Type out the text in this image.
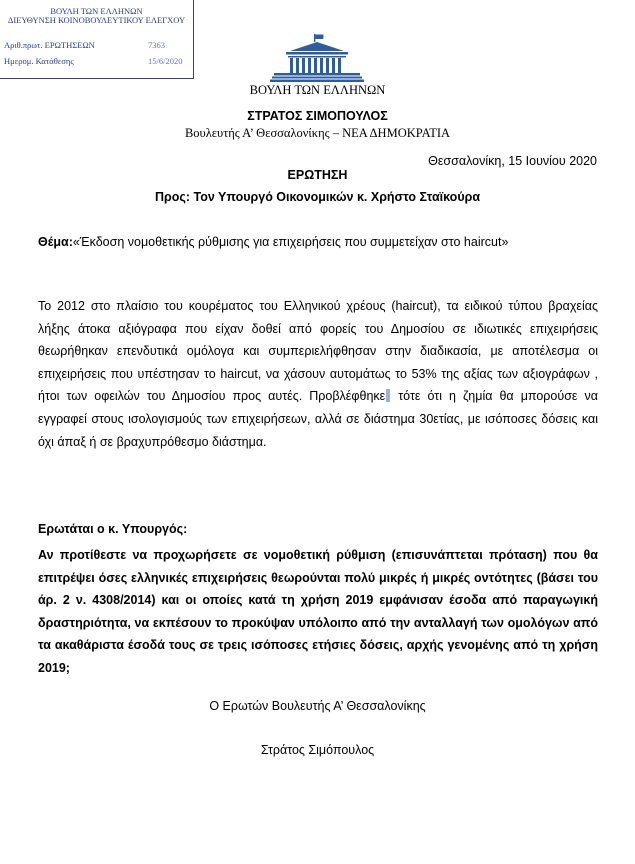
ΒΟΥΛΗ ΤΩΝ ΕΛΛΗΝΩΝ
ΔΙΕΥΘΥΝΣΗ ΚΟΙΝΟΒΟΥΛΕΥΤΙΚΟΥ ΕΛΕΓΧΟΥ
Αριθ.πρωτ. ΕΡΩΤΗΣΕΩΝ	7363
Ημερομ. Κατάθεσης	15/6/2020
ΒΟΥΛΗ ΤΩΝ ΕΛΛΗΝΩΝ
ΣΤΡΑΤΟΣ ΣΙΜΟΠΟΥΛΟΣ
Βουλευτής Α’ Θεσσαλονίκης – ΝΕΑ ΔΗΜΟΚΡΑΤΙΑ
Θεσσαλονίκη, 15 Ιουνίου 2020
ΕΡΩΤΗΣΗ
Προς: Τον Υπουργό Οικονομικών κ. Χρήστο Σταϊκούρα
Θέμα:«Έκδοση νομοθετικής ρύθμισης για επιχειρήσεις που συμμετείχαν στο haircut»
Το 2012 στο πλαίσιο του κουρέματος του Ελληνικού χρέους (haircut), τα ειδικού τύπου βραχείας λήξης άτοκα αξιόγραφα που είχαν δοθεί από φορείς του Δημοσίου σε ιδιωτικές επιχειρήσεις θεωρήθηκαν επενδυτικά ομόλογα και συμπεριελήφθησαν στην διαδικασία, με αποτέλεσμα οι επιχειρήσεις που υπέστησαν το haircut, να χάσουν αυτομάτως το 53% της αξίας των αξιογράφων , ήτοι των οφειλών του Δημοσίου προς αυτές. Προβλέφθηκε τότε ότι η ζημία θα μπορούσε να εγγραφεί στους ισολογισμούς των επιχειρήσεων, αλλά σε διάστημα 30ετίας, με ισόποσες δόσεις και όχι άπαξ ή σε βραχυπρόθεσμο διάστημα.
Ερωτάται ο κ. Υπουργός:
Αν προτίθεστε να προχωρήσετε σε νομοθετική ρύθμιση (επισυνάπτεται πρόταση) που θα επιτρέψει όσες ελληνικές επιχειρήσεις θεωρούνται πολύ μικρές ή μικρές οντότητες (βάσει του άρ. 2 ν. 4308/2014) και οι οποίες κατά τη χρήση 2019 εμφάνισαν έσοδα από παραγωγική δραστηριότητα, να εκπέσουν το προκύψαν υπόλοιπο από την ανταλλαγή των ομολόγων από τα ακαθάριστα έσοδά τους σε τρεις ισόποσες ετήσιες δόσεις, αρχής γενομένης από τη χρήση 2019;
Ο Ερωτών Βουλευτής Α’ Θεσσαλονίκης
Στράτος Σιμόπουλος
